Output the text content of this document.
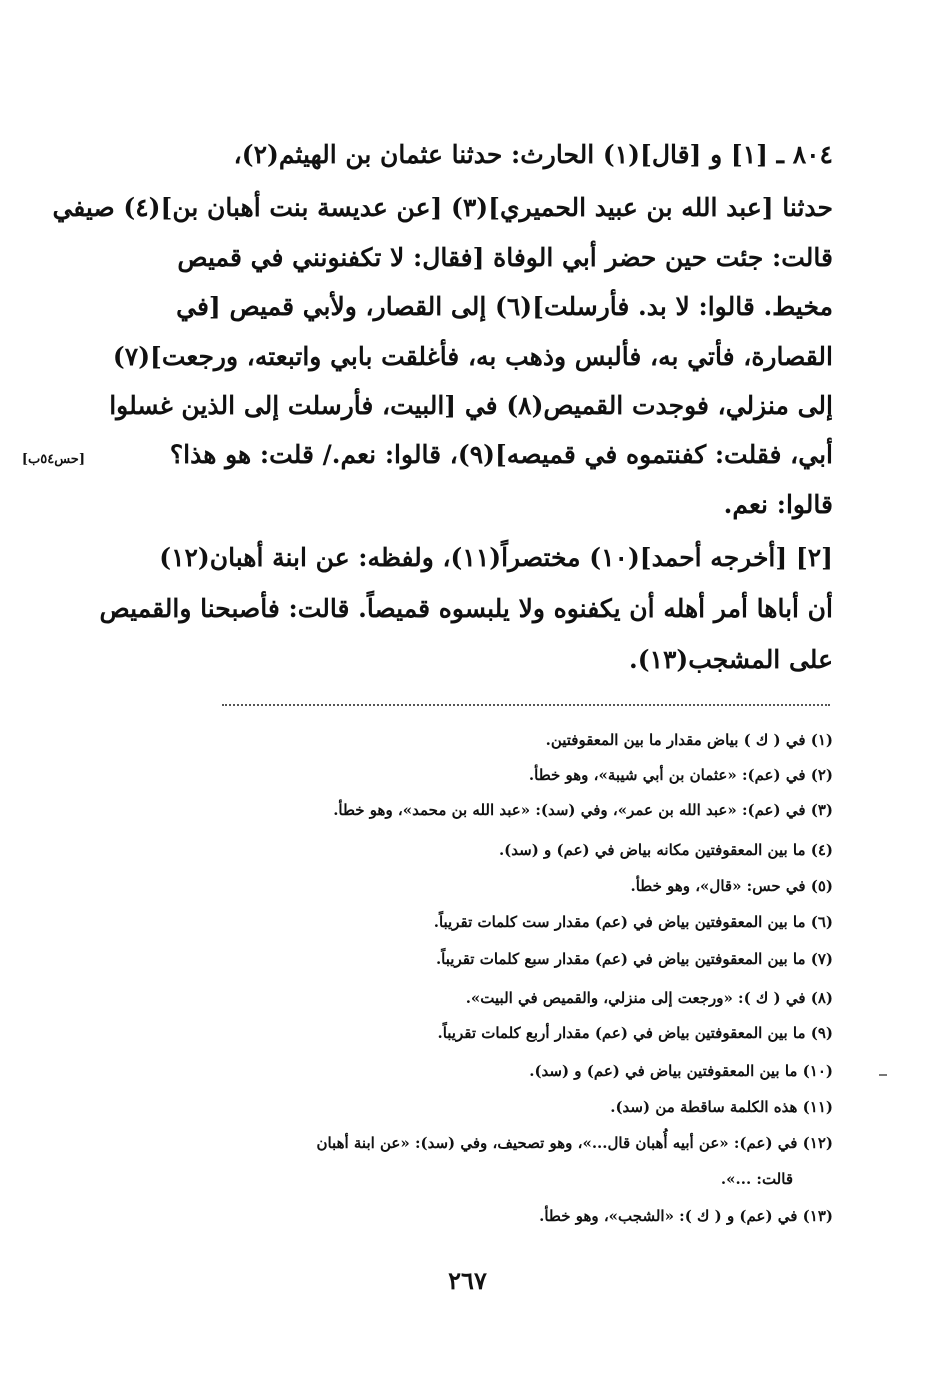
٨٠٤ ـ [١] و [قال](١) الحارث: حدثنا عثمان بن الهيثم(٢)،
حدثنا [عبد الله بن عبيد الحميري](٣) [عن عديسة بنت أهبان بن](٤) صيفي
قالت: جئت حين حضر أبي الوفاة [فقال: لا تكفنونني في قميص
مخيط. قالوا: لا بد. فأرسلت](٦) إلى القصار، ولأبي قميص [في
القصارة، فأتي به، فألبس وذهب به، فأغلقت بابي واتبعته، ورجعت](٧)
إلى منزلي، فوجدت القميص(٨) في [البيت، فأرسلت إلى الذين غسلوا
أبي، فقلت: كفنتموه في قميصه](٩)، قالوا: نعم./ قلت: هو هذا؟
قالوا: نعم.
[٢] [أخرجه أحمد](١٠) مختصراً(١١)، ولفظه: عن ابنة أهبان(١٢)
أن أباها أمر أهله أن يكفنوه ولا يلبسوه قميصاً. قالت: فأصبحنا والقميص
على المشجب(١٣).
[حس٥٤ب]
(١) في ( ك ) بياض مقدار ما بين المعقوفتين.
(٢) في (عم): «عثمان بن أبي شيبة»، وهو خطأ.
(٣) في (عم): «عبد الله بن عمر»، وفي (سد): «عبد الله بن محمد»، وهو خطأ.
(٤) ما بين المعقوفتين مكانه بياض في (عم) و (سد).
(٥) في حس: «قال»، وهو خطأ.
(٦) ما بين المعقوفتين بياض في (عم) مقدار ست كلمات تقريباً.
(٧) ما بين المعقوفتين بياض في (عم) مقدار سبع كلمات تقريباً.
(٨) في ( ك ): «ورجعت إلى منزلي، والقميص في البيت».
(٩) ما بين المعقوفتين بياض في (عم) مقدار أربع كلمات تقريباً.
(١٠) ما بين المعقوفتين بياض في (عم) و (سد).
(١١) هذه الكلمة ساقطة من (سد).
(١٢) في (عم): «عن أبيه أُهبان قال...»، وهو تصحيف، وفي (سد): «عن ابنة أهبان
قالت: ...».
(١٣) في (عم) و ( ك ): «الشجب»، وهو خطأ.
٢٦٧
